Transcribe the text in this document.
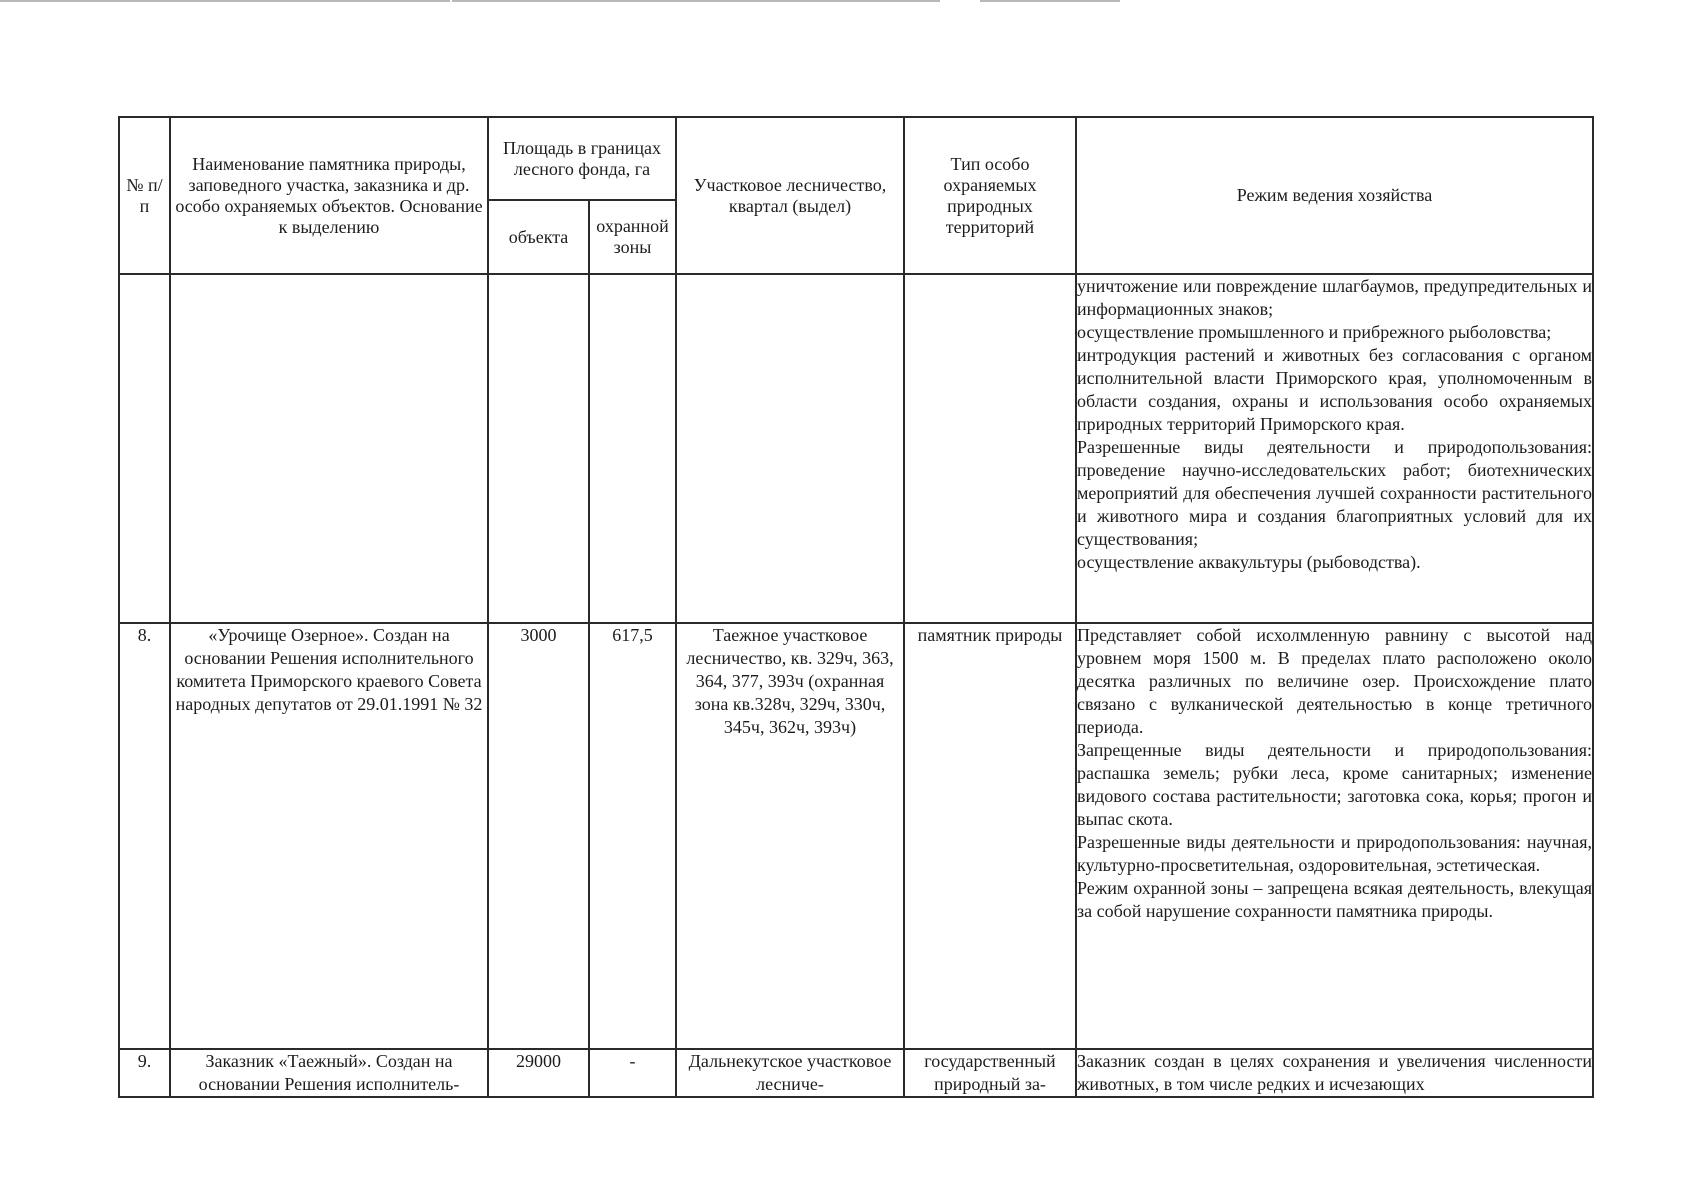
№ п/п	Наименование памятника природы, заповедного участка, заказника и др. особо охраняемых объектов. Основание к выделению	Площадь в границах лесного фонда, га		Участковое лесничество, квартал (выдел)	Тип особо охраняемых природных территорий	Режим ведения хозяйства
		объекта	охранной зоны			

						уничтожение или повреждение шлагбаумов, предупредительных и информационных знаков;

осуществление промышленного и прибрежного рыболовства;

интродукция растений и животных без согласования с органом исполнительной власти Приморского края, уполномоченным в области создания, охраны и использования особо охраняемых природных территорий Приморского края.

Разрешенные виды деятельности и природопользования: проведение научно-исследовательских работ; биотехнических мероприятий для обеспечения лучшей сохранности растительного и животного мира и создания благоприятных условий для их существования;

осуществление аквакультуры (рыбоводства).

8.	«Урочище Озерное». Создан на основании Решения исполнительного комитета Приморского краевого Совета народных депутатов от 29.01.1991 № 32	3000	617,5	Таежное участковое лесничество, кв. 329ч, 363, 364, 377, 393ч (охранная зона кв.328ч, 329ч, 330ч, 345ч, 362ч, 393ч)	памятник природы	Представляет собой исхолмленную равнину с высотой над уровнем моря 1500 м. В пределах плато расположено около десятка различных по величине озер. Происхождение плато связано с вулканической деятельностью в конце третичного периода.

Запрещенные виды деятельности и природопользования: распашка земель; рубки леса, кроме санитарных; изменение видового состава растительности; заготовка сока, корья; прогон и выпас скота.

Разрешенные виды деятельности и природопользования: научная, культурно-просветительная, оздоровительная, эстетическая.

Режим охранной зоны – запрещена всякая деятельность, влекущая за собой нарушение сохранности памятника природы.

9.	Заказник «Таежный». Создан на основании Решения исполнитель-	29000	-	Дальнекутское участковое лесниче-	государственный природный за-	Заказник создан в целях сохранения и увеличения численности животных, в том числе редких и исчезающих
